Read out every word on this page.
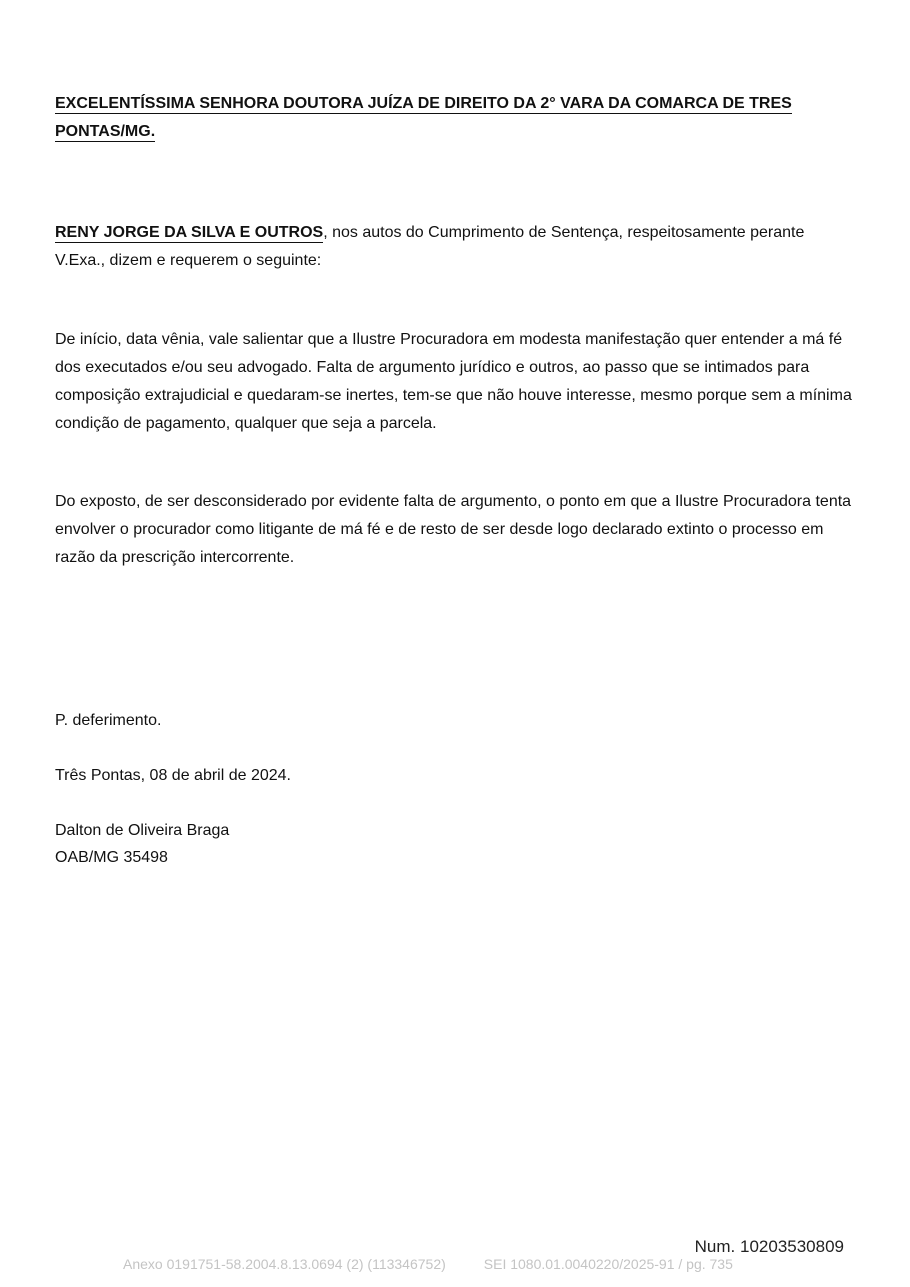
EXCELENTÍSSIMA SENHORA DOUTORA JUÍZA DE DIREITO DA 2° VARA DA COMARCA DE TRES
PONTAS/MG.
RENY JORGE DA SILVA E OUTROS, nos autos do Cumprimento de Sentença, respeitosamente perante V.Exa., dizem e requerem o seguinte:
De início, data vênia, vale salientar que a Ilustre Procuradora em modesta manifestação quer entender a má fé dos executados e/ou seu advogado. Falta de argumento jurídico e outros, ao passo que se intimados para composição extrajudicial e quedaram-se inertes, tem-se que não houve interesse, mesmo porque sem a mínima condição de pagamento, qualquer que seja a parcela.
Do exposto, de ser desconsiderado por evidente falta de argumento, o ponto em que a Ilustre Procuradora tenta envolver o procurador como litigante de má fé e de resto de ser desde logo declarado extinto o processo em razão da prescrição intercorrente.
P. deferimento.
Três Pontas, 08 de abril de 2024.
Dalton de Oliveira Braga
OAB/MG 35498
Num. 10203530809
Anexo 0191751-58.2004.8.13.0694 (2) (113346752)	SEI 1080.01.0040220/2025-91 / pg. 735
